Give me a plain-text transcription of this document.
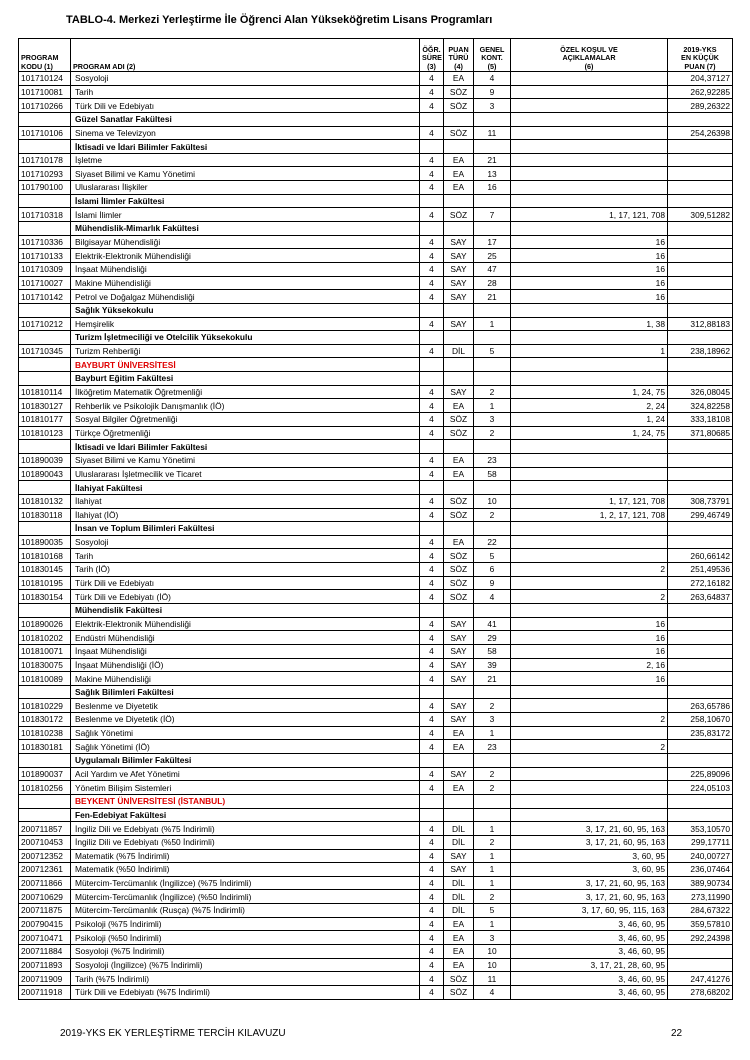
TABLO-4. Merkezi Yerleştirme İle Öğrenci Alan Yükseköğretim Lisans Programları
PROGRAM
KODU (1)	PROGRAM ADI (2)	ÖĞR.
SÜRE
(3)	PUAN
TÜRÜ
(4)	GENEL
KONT.
(5)	ÖZEL KOŞUL VE
AÇIKLAMALAR
(6)	2019-YKS
EN KÜÇÜK
PUAN (7)
101710124	Sosyoloji	4	EA	4		204,37127
101710081	Tarih	4	SÖZ	9		262,92285
101710266	Türk Dili ve Edebiyatı	4	SÖZ	3		289,26322
	Güzel Sanatlar Fakültesi					
101710106	Sinema ve Televizyon	4	SÖZ	11		254,26398
	İktisadi ve İdari Bilimler Fakültesi					
101710178	İşletme	4	EA	21		
101710293	Siyaset Bilimi ve Kamu Yönetimi	4	EA	13		
101790100	Uluslararası İlişkiler	4	EA	16		
	İslami İlimler Fakültesi					
101710318	İslami İlimler	4	SÖZ	7	1, 17, 121, 708	309,51282
	Mühendislik-Mimarlık Fakültesi					
101710336	Bilgisayar Mühendisliği	4	SAY	17	16	
101710133	Elektrik-Elektronik Mühendisliği	4	SAY	25	16	
101710309	İnşaat Mühendisliği	4	SAY	47	16	
101710027	Makine Mühendisliği	4	SAY	28	16	
101710142	Petrol ve Doğalgaz Mühendisliği	4	SAY	21	16	
	Sağlık Yüksekokulu					
101710212	Hemşirelik	4	SAY	1	1, 38	312,88183
	Turizm İşletmeciliği ve Otelcilik Yüksekokulu					
101710345	Turizm Rehberliği	4	DİL	5	1	238,18962
	BAYBURT ÜNİVERSİTESİ					
	Bayburt Eğitim Fakültesi					
101810114	İlköğretim Matematik Öğretmenliği	4	SAY	2	1, 24, 75	326,08045
101830127	Rehberlik ve Psikolojik Danışmanlık (İÖ)	4	EA	1	2, 24	324,82258
101810177	Sosyal Bilgiler Öğretmenliği	4	SÖZ	3	1, 24	333,18108
101810123	Türkçe Öğretmenliği	4	SÖZ	2	1, 24, 75	371,80685
	İktisadi ve İdari Bilimler Fakültesi					
101890039	Siyaset Bilimi ve Kamu Yönetimi	4	EA	23		
101890043	Uluslararası İşletmecilik ve Ticaret	4	EA	58		
	İlahiyat Fakültesi					
101810132	İlahiyat	4	SÖZ	10	1, 17, 121, 708	308,73791
101830118	İlahiyat (İÖ)	4	SÖZ	2	1, 2, 17, 121, 708	299,46749
	İnsan ve Toplum Bilimleri Fakültesi					
101890035	Sosyoloji	4	EA	22		
101810168	Tarih	4	SÖZ	5		260,66142
101830145	Tarih (İÖ)	4	SÖZ	6	2	251,49536
101810195	Türk Dili ve Edebiyatı	4	SÖZ	9		272,16182
101830154	Türk Dili ve Edebiyatı (İÖ)	4	SÖZ	4	2	263,64837
	Mühendislik Fakültesi					
101890026	Elektrik-Elektronik Mühendisliği	4	SAY	41	16	
101810202	Endüstri Mühendisliği	4	SAY	29	16	
101810071	İnşaat Mühendisliği	4	SAY	58	16	
101830075	İnşaat Mühendisliği (İÖ)	4	SAY	39	2, 16	
101810089	Makine Mühendisliği	4	SAY	21	16	
	Sağlık Bilimleri Fakültesi					
101810229	Beslenme ve Diyetetik	4	SAY	2		263,65786
101830172	Beslenme ve Diyetetik (İÖ)	4	SAY	3	2	258,10670
101810238	Sağlık Yönetimi	4	EA	1		235,83172
101830181	Sağlık Yönetimi (İÖ)	4	EA	23	2	
	Uygulamalı Bilimler Fakültesi					
101890037	Acil Yardım ve Afet Yönetimi	4	SAY	2		225,89096
101810256	Yönetim Bilişim Sistemleri	4	EA	2		224,05103
	BEYKENT ÜNİVERSİTESİ (İSTANBUL)					
	Fen-Edebiyat Fakültesi					
200711857	İngiliz Dili ve Edebiyatı (%75 İndirimli)	4	DİL	1	3, 17, 21, 60, 95, 163	353,10570
200710453	İngiliz Dili ve Edebiyatı (%50 İndirimli)	4	DİL	2	3, 17, 21, 60, 95, 163	299,17711
200712352	Matematik (%75 İndirimli)	4	SAY	1	3, 60, 95	240,00727
200712361	Matematik (%50 İndirimli)	4	SAY	1	3, 60, 95	236,07464
200711866	Mütercim-Tercümanlık (İngilizce) (%75 İndirimli)	4	DİL	1	3, 17, 21, 60, 95, 163	389,90734
200710629	Mütercim-Tercümanlık (İngilizce) (%50 İndirimli)	4	DİL	2	3, 17, 21, 60, 95, 163	273,11990
200711875	Mütercim-Tercümanlık (Rusça) (%75 İndirimli)	4	DİL	5	3, 17, 60, 95, 115, 163	284,67322
200790415	Psikoloji (%75 İndirimli)	4	EA	1	3, 46, 60, 95	359,57810
200710471	Psikoloji (%50 İndirimli)	4	EA	3	3, 46, 60, 95	292,24398
200711884	Sosyoloji (%75 İndirimli)	4	EA	10	3, 46, 60, 95	
200711893	Sosyoloji (İngilizce) (%75 İndirimli)	4	EA	10	3, 17, 21, 28, 60, 95	
200711909	Tarih (%75 İndirimli)	4	SÖZ	11	3, 46, 60, 95	247,41276
200711918	Türk Dili ve Edebiyatı (%75 İndirimli)	4	SÖZ	4	3, 46, 60, 95	278,68202
2019-YKS EK YERLEŞTİRME TERCİH KILAVUZU	22
